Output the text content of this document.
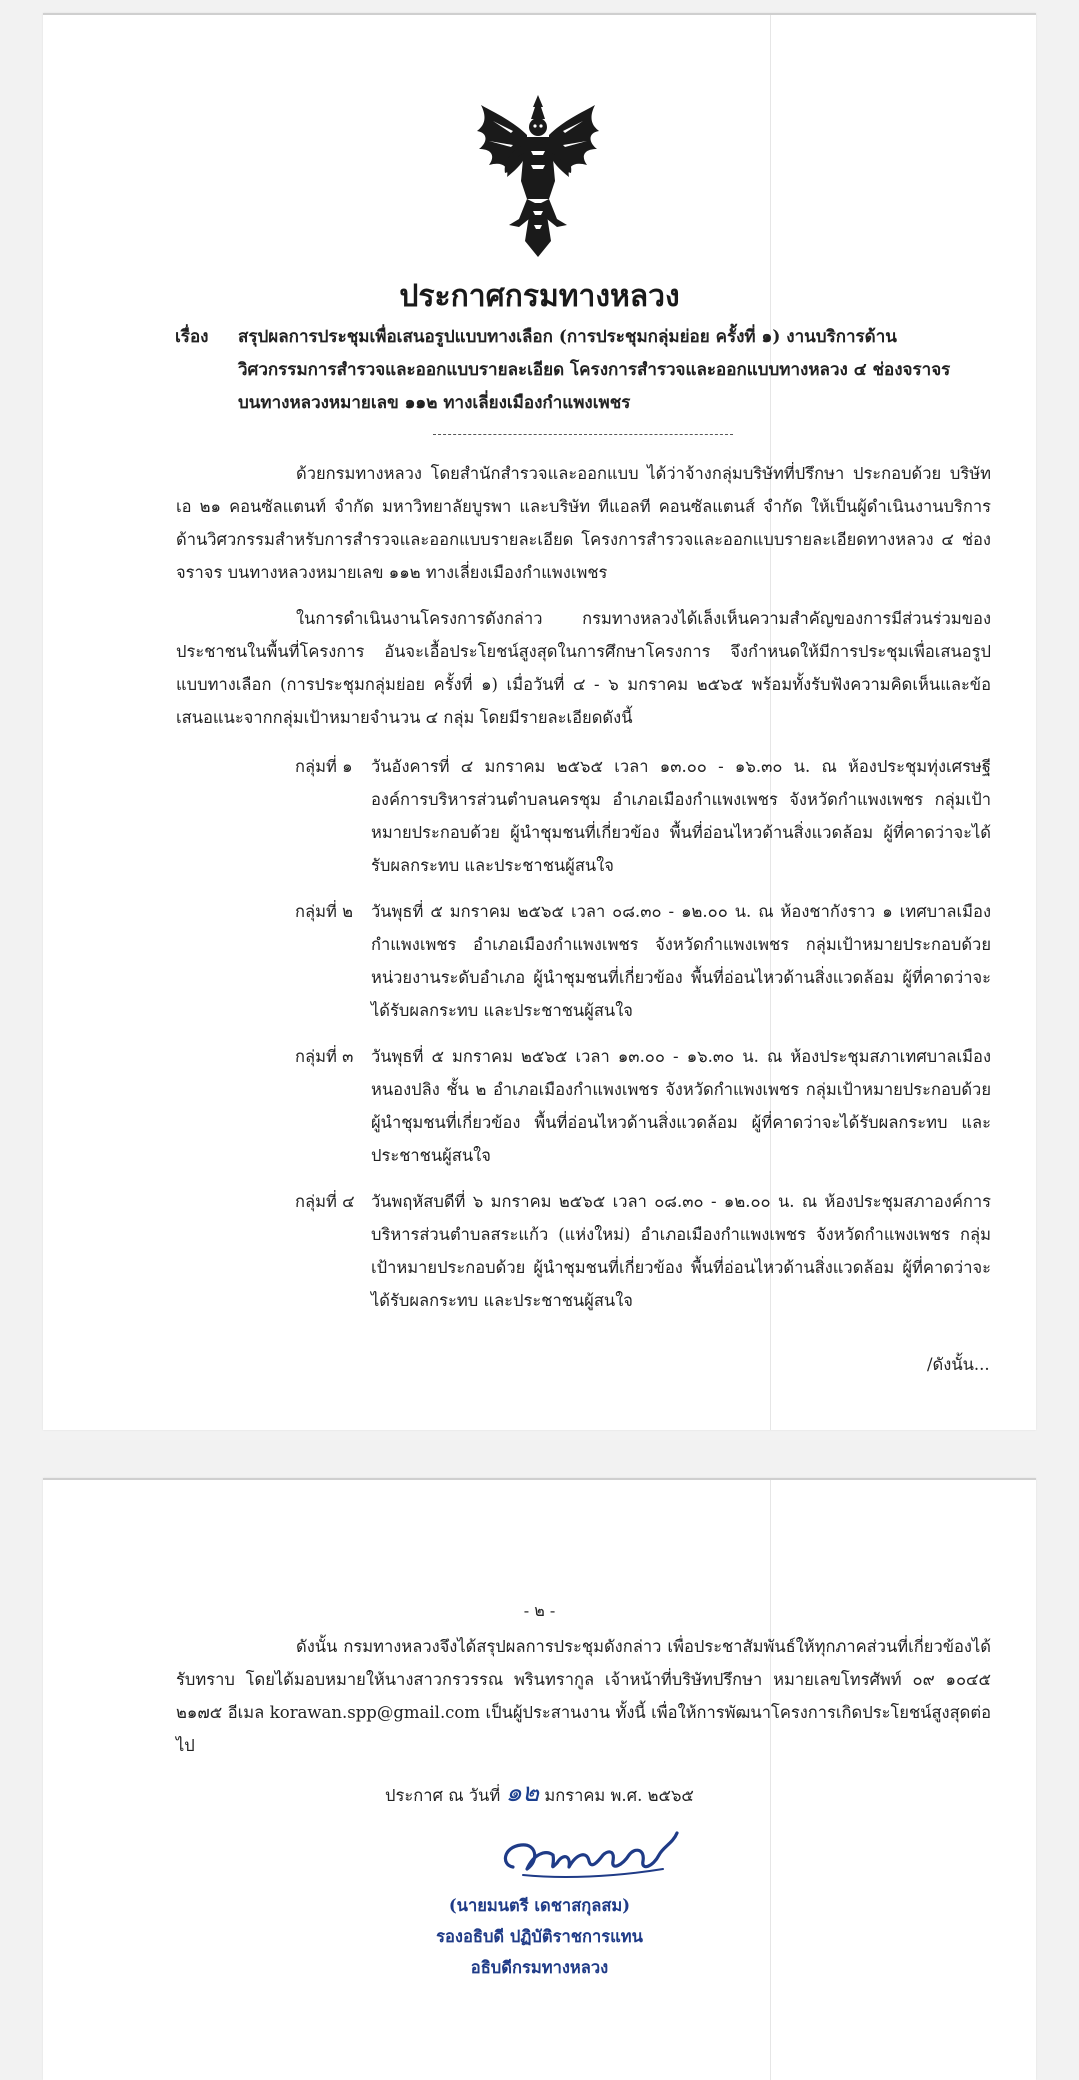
ประกาศกรมทางหลวง
เรื่อง สรุปผลการประชุมเพื่อเสนอรูปแบบทางเลือก (การประชุมกลุ่มย่อย ครั้งที่ ๑) งานบริการด้าน
วิศวกรรมการสำรวจและออกแบบรายละเอียด โครงการสำรวจและออกแบบทางหลวง ๔ ช่องจราจร
บนทางหลวงหมายเลข ๑๑๒ ทางเลี่ยงเมืองกำแพงเพชร

ด้วยกรมทางหลวง โดยสำนักสำรวจและออกแบบ ได้ว่าจ้างกลุ่มบริษัทที่ปรึกษา ประกอบด้วย บริษัท เอ ๒๑ คอนซัลแตนท์ จำกัด มหาวิทยาลัยบูรพา และบริษัท ทีแอลที คอนซัลแตนส์ จำกัด ให้เป็นผู้ดำเนินงานบริการด้านวิศวกรรมสำหรับการสำรวจและออกแบบรายละเอียด โครงการสำรวจและออกแบบรายละเอียดทางหลวง ๔ ช่องจราจร บนทางหลวงหมายเลข ๑๑๒ ทางเลี่ยงเมืองกำแพงเพชร

ในการดำเนินงานโครงการดังกล่าว กรมทางหลวงได้เล็งเห็นความสำคัญของการมีส่วนร่วมของประชาชนในพื้นที่โครงการ อันจะเอื้อประโยชน์สูงสุดในการศึกษาโครงการ จึงกำหนดให้มีการประชุมเพื่อเสนอรูปแบบทางเลือก (การประชุมกลุ่มย่อย ครั้งที่ ๑) เมื่อวันที่ ๔ - ๖ มกราคม ๒๕๖๕ พร้อมทั้งรับฟังความคิดเห็นและข้อเสนอแนะจากกลุ่มเป้าหมายจำนวน ๔ กลุ่ม โดยมีรายละเอียดดังนี้

กลุ่มที่ ๑ วันอังคารที่ ๔ มกราคม ๒๕๖๕ เวลา ๑๓.๐๐ - ๑๖.๓๐ น. ณ ห้องประชุมทุ่งเศรษฐี องค์การบริหารส่วนตำบลนครชุม อำเภอเมืองกำแพงเพชร จังหวัดกำแพงเพชร กลุ่มเป้าหมายประกอบด้วย ผู้นำชุมชนที่เกี่ยวข้อง พื้นที่อ่อนไหวด้านสิ่งแวดล้อม ผู้ที่คาดว่าจะได้รับผลกระทบ และประชาชนผู้สนใจ
กลุ่มที่ ๒ วันพุธที่ ๕ มกราคม ๒๕๖๕ เวลา ๐๘.๓๐ - ๑๒.๐๐ น. ณ ห้องชากังราว ๑ เทศบาลเมืองกำแพงเพชร อำเภอเมืองกำแพงเพชร จังหวัดกำแพงเพชร กลุ่มเป้าหมายประกอบด้วย หน่วยงานระดับอำเภอ ผู้นำชุมชนที่เกี่ยวข้อง พื้นที่อ่อนไหวด้านสิ่งแวดล้อม ผู้ที่คาดว่าจะได้รับผลกระทบ และประชาชนผู้สนใจ
กลุ่มที่ ๓ วันพุธที่ ๕ มกราคม ๒๕๖๕ เวลา ๑๓.๐๐ - ๑๖.๓๐ น. ณ ห้องประชุมสภาเทศบาลเมืองหนองปลิง ชั้น ๒ อำเภอเมืองกำแพงเพชร จังหวัดกำแพงเพชร กลุ่มเป้าหมายประกอบด้วย ผู้นำชุมชนที่เกี่ยวข้อง พื้นที่อ่อนไหวด้านสิ่งแวดล้อม ผู้ที่คาดว่าจะได้รับผลกระทบ และประชาชนผู้สนใจ
กลุ่มที่ ๔ วันพฤหัสบดีที่ ๖ มกราคม ๒๕๖๕ เวลา ๐๘.๓๐ - ๑๒.๐๐ น. ณ ห้องประชุมสภาองค์การบริหารส่วนตำบลสระแก้ว (แห่งใหม่) อำเภอเมืองกำแพงเพชร จังหวัดกำแพงเพชร กลุ่มเป้าหมายประกอบด้วย ผู้นำชุมชนที่เกี่ยวข้อง พื้นที่อ่อนไหวด้านสิ่งแวดล้อม ผู้ที่คาดว่าจะได้รับผลกระทบ และประชาชนผู้สนใจ
/ดังนั้น...
- ๒ -

ดังนั้น กรมทางหลวงจึงได้สรุปผลการประชุมดังกล่าว เพื่อประชาสัมพันธ์ให้ทุกภาคส่วนที่เกี่ยวข้องได้รับทราบ โดยได้มอบหมายให้นางสาวกรวรรณ พรินทรากูล เจ้าหน้าที่บริษัทปรึกษา หมายเลขโทรศัพท์ ๐๙ ๑๐๔๕ ๒๑๗๕ อีเมล korawan.spp@gmail.com เป็นผู้ประสานงาน ทั้งนี้ เพื่อให้การพัฒนาโครงการเกิดประโยชน์สูงสุดต่อไป

ประกาศ ณ วันที่ ๑๒ มกราคม พ.ศ. ๒๕๖๕
(นายมนตรี เดชาสกุลสม)
รองอธิบดี ปฏิบัติราชการแทน
อธิบดีกรมทางหลวง
